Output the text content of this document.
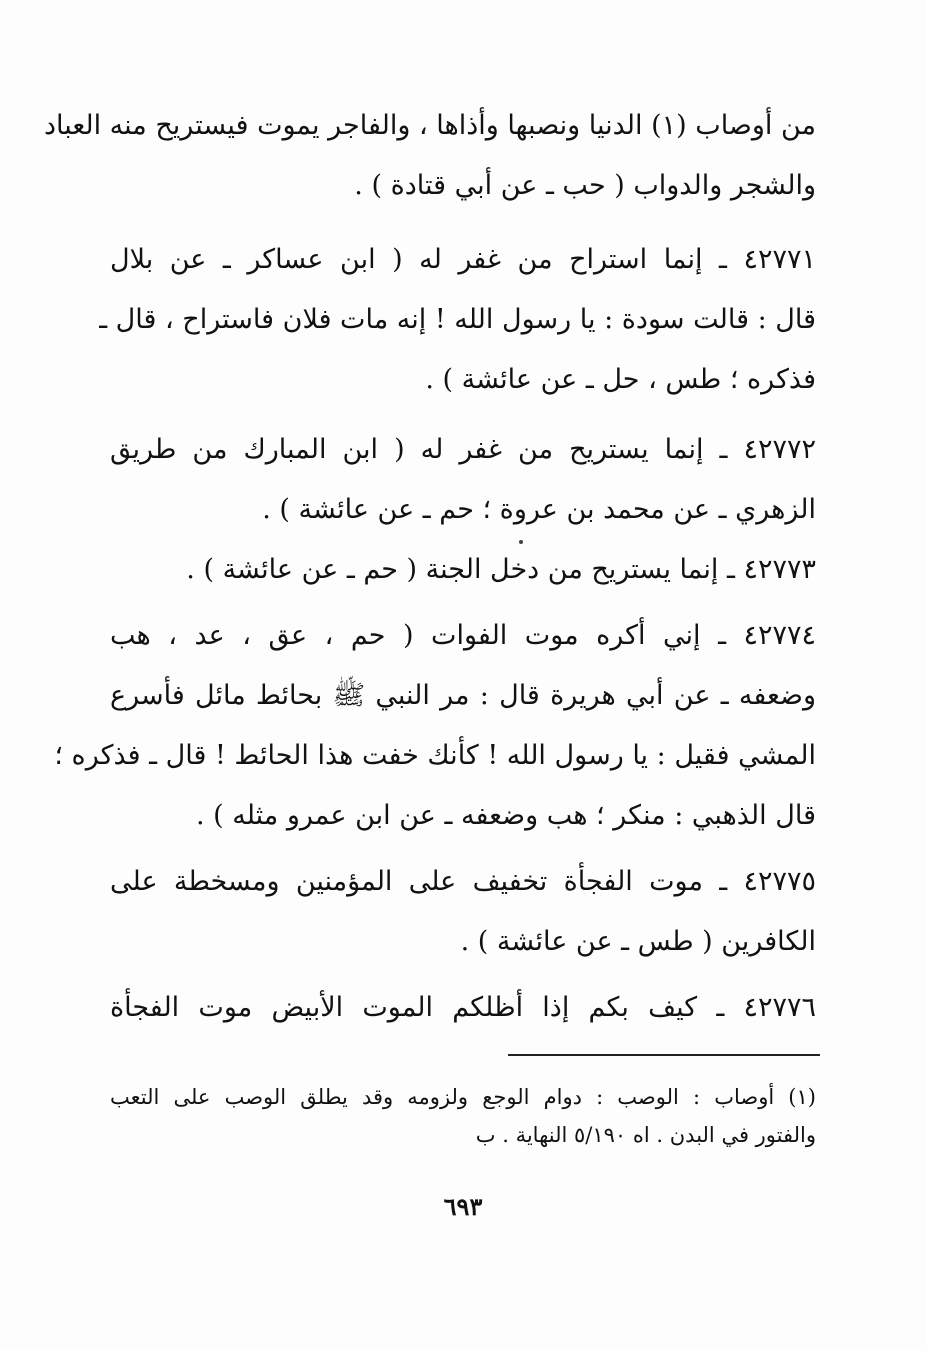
من أوصاب (١) الدنيا ونصبها وأذاها ، والفاجر يموت فيستريح منه العباد
والشجر والدواب ( حب ـ عن أبي قتادة ) .
٤٢٧٧١ ـ إنما استراح من غفر له ( ابن عساكر ـ عن بلال
قال : قالت سودة : يا رسول الله ! إنه مات فلان فاستراح ، قال ـ
فذكره ؛ طس ، حل ـ عن عائشة ) .
٤٢٧٧٢ ـ إنما يستريح من غفر له ( ابن المبارك من طريق
الزهري ـ عن محمد بن عروة ؛ حم ـ عن عائشة ) .
٤٢٧٧٣ ـ إنما يستريح من دخل الجنة ( حم ـ عن عائشة ) .
٤٢٧٧٤ ـ إني أكره موت الفوات ( حم ، عق ، عد ، هب
وضعفه ـ عن أبي هريرة قال : مر النبي ﷺ بحائط مائل فأسرع
المشي فقيل : يا رسول الله ! كأنك خفت هذا الحائط ! قال ـ فذكره ؛
قال الذهبي : منكر ؛ هب وضعفه ـ عن ابن عمرو مثله ) .
٤٢٧٧٥ ـ موت الفجأة تخفيف على المؤمنين ومسخطة على
الكافرين ( طس ـ عن عائشة ) .
٤٢٧٧٦ ـ كيف بكم إذا أظلكم الموت الأبيض موت الفجأة
(١) أوصاب : الوصب : دوام الوجع ولزومه وقد يطلق الوصب على التعب
والفتور في البدن . اه ٥/١٩٠ النهاية . ب
٦٩٣
